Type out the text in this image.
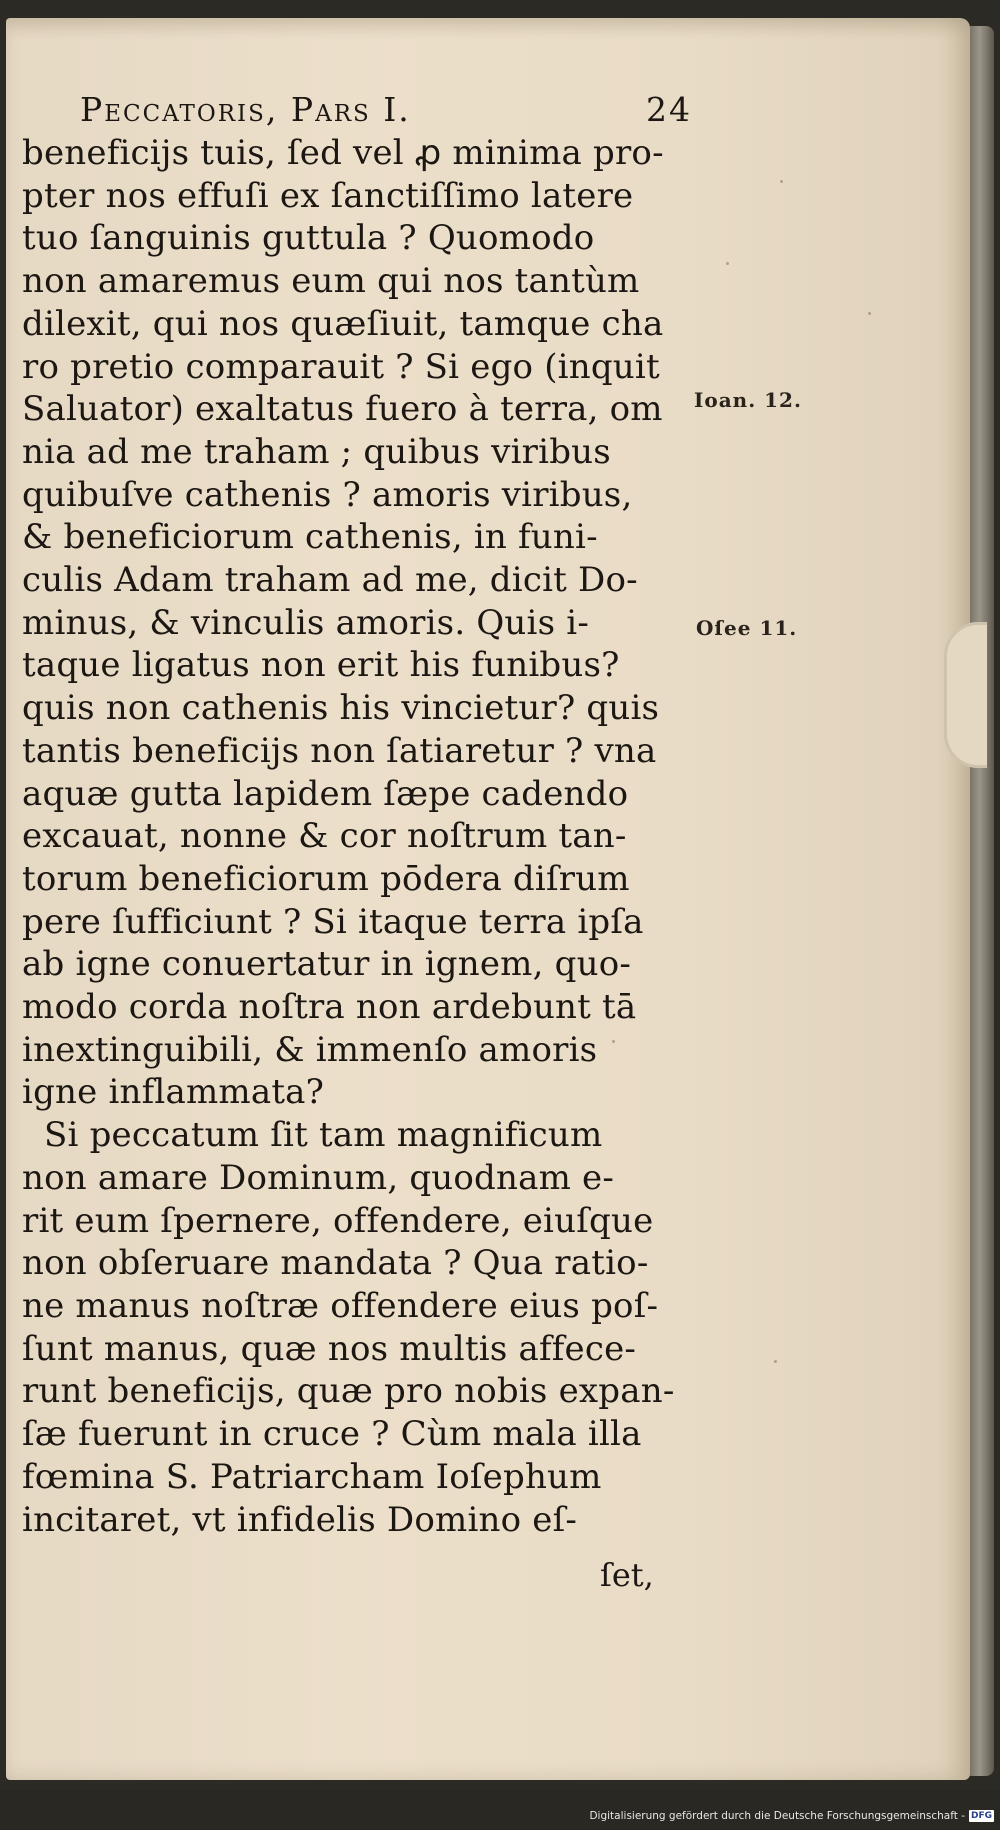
Peccatoris, Pars I.	24
beneficijs tuis, ſed vel ꝓ minima pro-
pter nos effuſi ex ſanctiſſimo latere
tuo ſanguinis guttula ? Quomodo
non amaremus eum qui nos tantùm
dilexit, qui nos quæſiuit, tamque cha
ro pretio comparauit ? Si ego (inquit
Saluator) exaltatus fuero à terra, om
nia ad me traham ; quibus viribus
quibuſve cathenis ? amoris viribus,
& beneficiorum cathenis, in funi-
culis Adam traham ad me, dicit Do-
minus, & vinculis amoris. Quis i-
taque ligatus non erit his funibus?
quis non cathenis his vincietur? quis
tantis beneficijs non ſatiaretur ? vna
aquæ gutta lapidem ſæpe cadendo
excauat, nonne & cor noſtrum tan-
torum beneficiorum pōdera diſrum
pere ſufficiunt ? Si itaque terra ipſa
ab igne conuertatur in ignem, quo-
modo corda noſtra non ardebunt tā
inextinguibili, & immenſo amoris
igne inflammata?
Si peccatum ſit tam magnificum
non amare Dominum, quodnam e-
rit eum ſpernere, offendere, eiuſque
non obſeruare mandata ? Qua ratio-
ne manus noſtræ offendere eius poſ-
ſunt manus, quæ nos multis affece-
runt beneficijs, quæ pro nobis expan-
ſæ fuerunt in cruce ? Cùm mala illa
fœmina S. Patriarcham Ioſephum
incitaret, vt infidelis Domino eſ-
ſet,
Ioan. 12.
Oſee 11.
Digitalisierung gefördert durch die Deutsche Forschungsgemeinschaft - DFG
